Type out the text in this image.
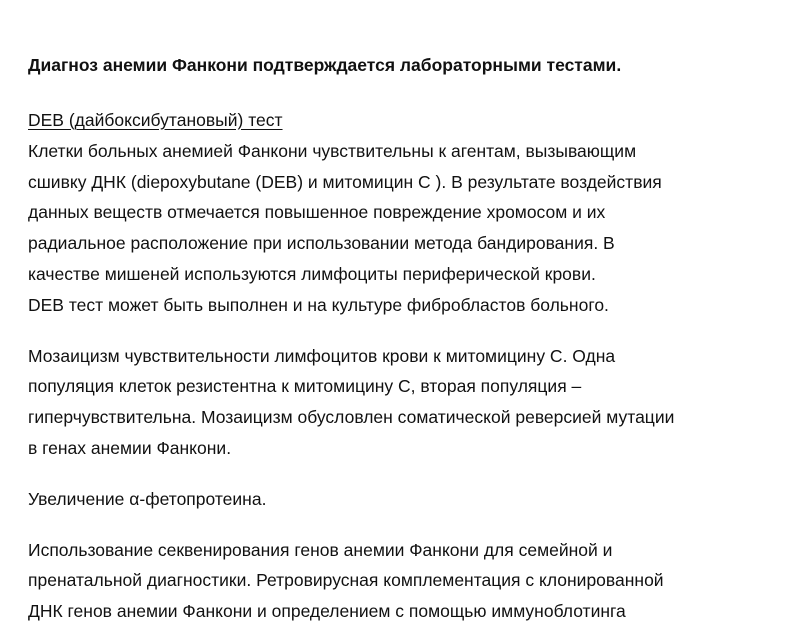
Диагноз анемии Фанкони подтверждается лабораторными тестами.
DEB (дайбоксибутановый) тест
Клетки больных анемией Фанкони чувствительны к агентам, вызывающим
сшивку ДНК (diepoxybutane (DEB) и митомицин C ). В результате воздействия
данных веществ отмечается повышенное повреждение хромосом и их
радиальное расположение при использовании метода бандирования. В
качестве мишеней используются лимфоциты периферической крови.
DEB тест может быть выполнен и на культуре фибробластов больного.
Мозаицизм чувствительности лимфоцитов крови к митомицину С. Одна
популяция клеток резистентна к митомицину С, вторая популяция –
гиперчувствительна. Мозаицизм обусловлен соматической реверсией мутации
в генах анемии Фанкони.
Увеличение α-фетопротеина.
Использование секвенирования генов анемии Фанкони для семейной и
пренатальной диагностики. Ретровирусная комплементация с клонированной
ДНК генов анемии Фанкони и определением с помощью иммуноблотинга
